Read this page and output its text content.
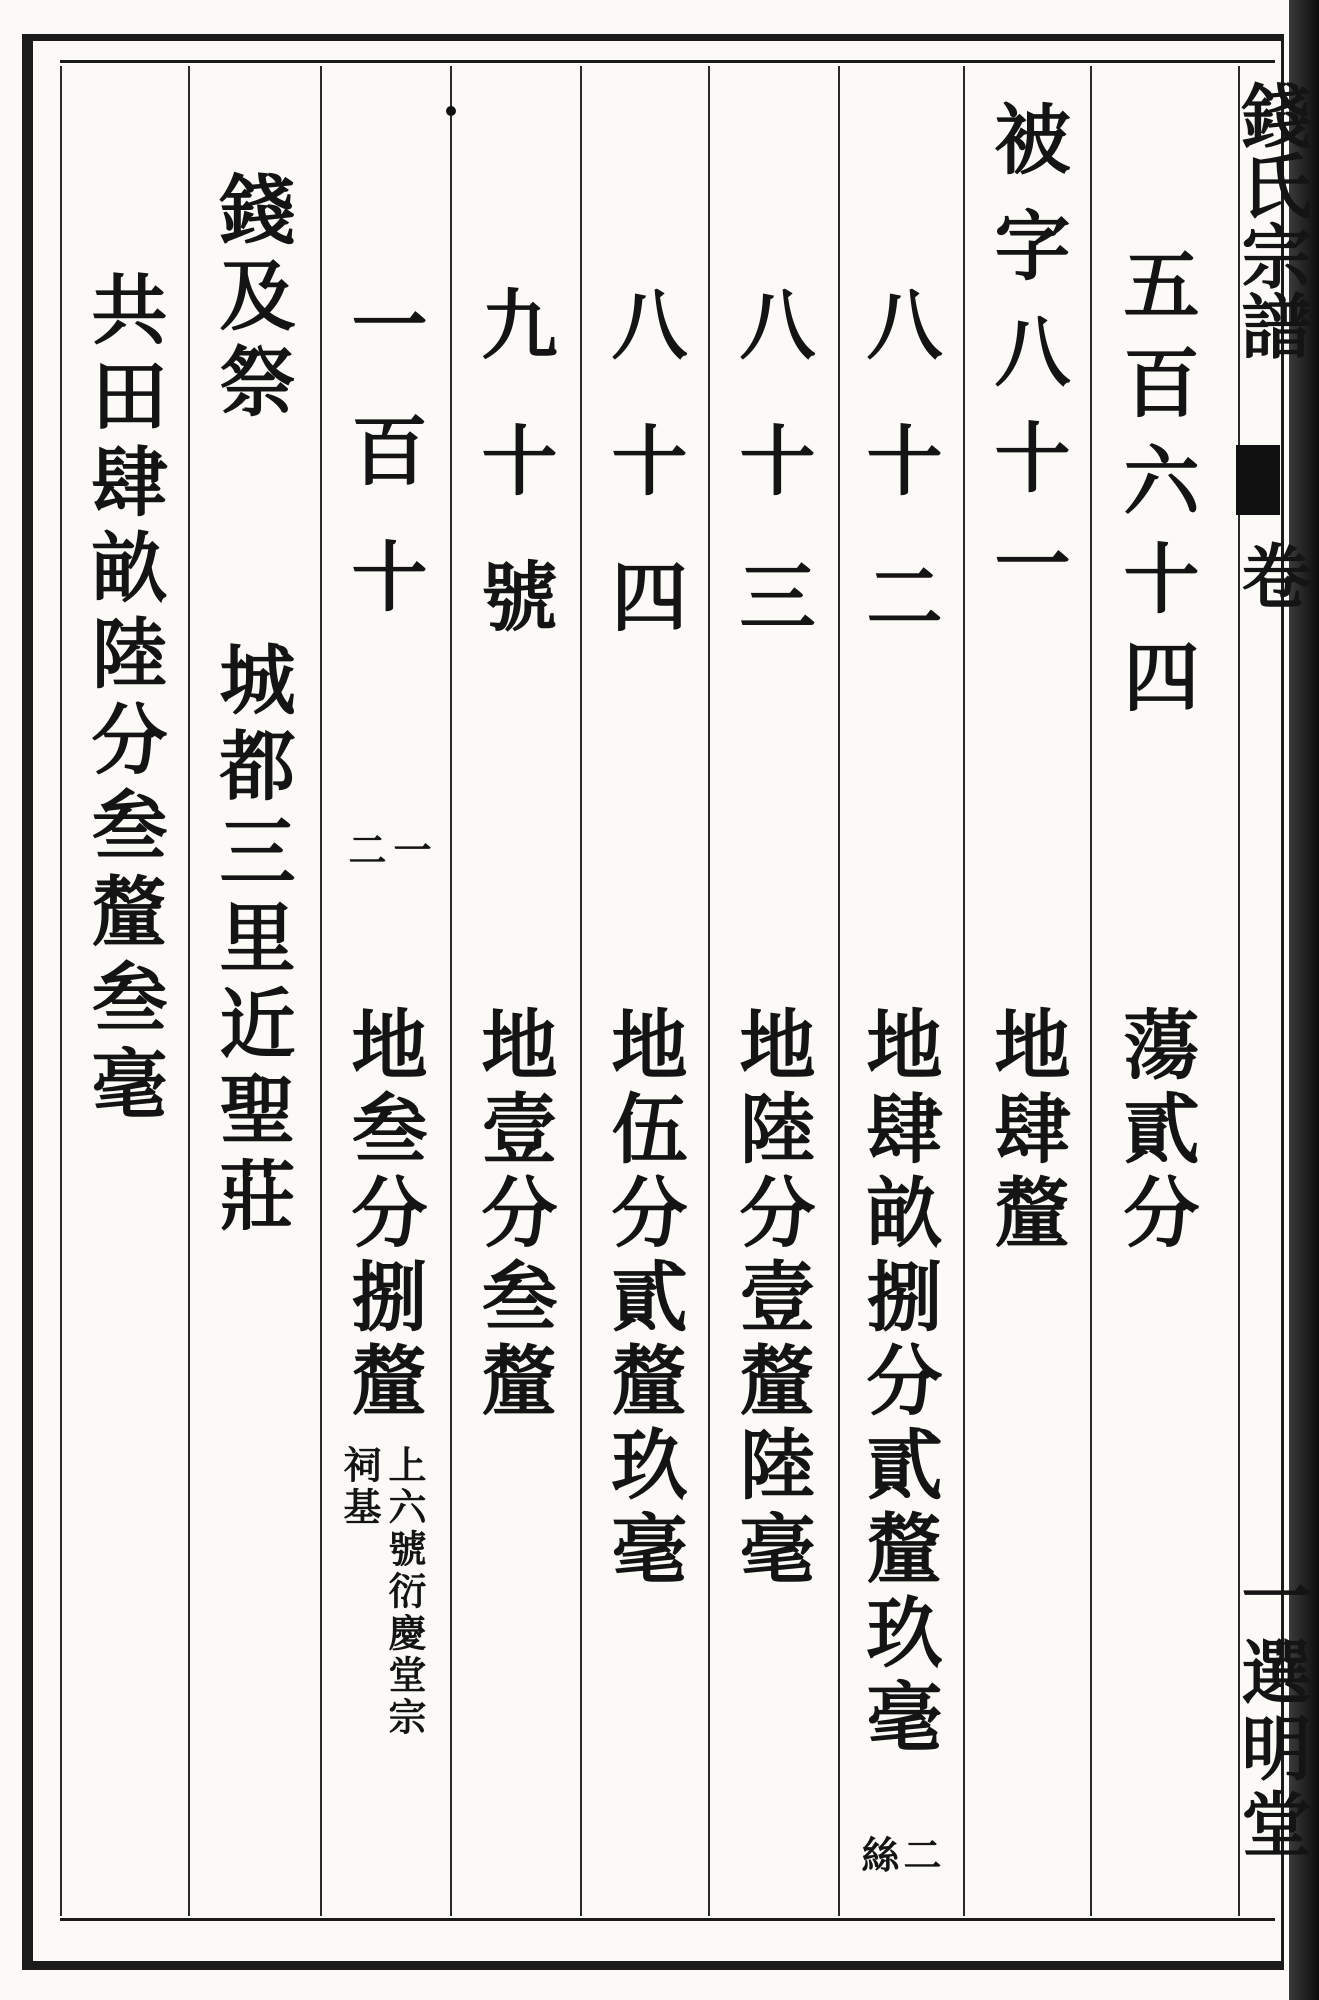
錢氏宗譜
卷
一選明堂
五百六十四
蕩貳分
被字八十一
地肆釐
八十二
地肆畝捌分貳釐玖毫
二
絲
八十三
地陸分壹釐陸毫
八十四
地伍分貳釐玖毫
九十號
地壹分叁釐
一百十
一
二
地叁分捌釐
上六號衍慶堂宗
祠基
錢及祭
城都三里近聖莊
共田肆畝陸分叁釐叁毫
